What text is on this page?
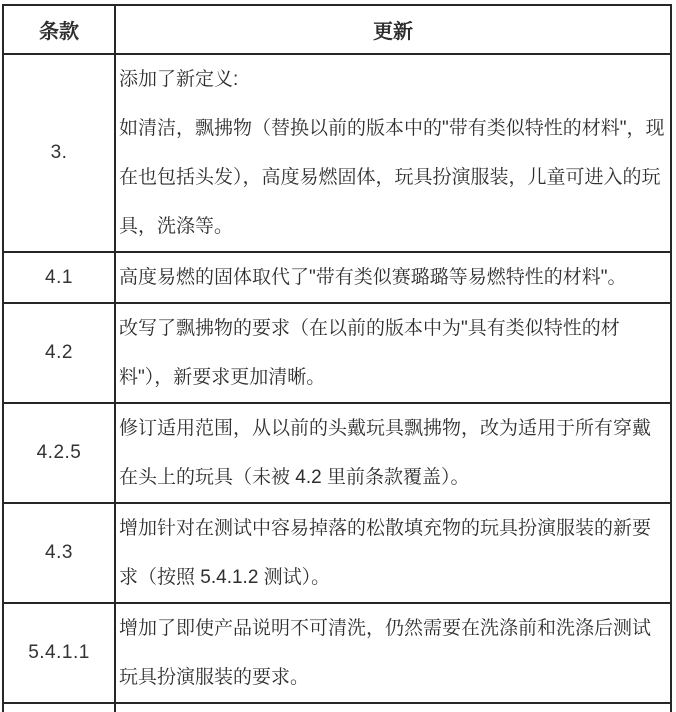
条款	更新
3.	添加了新定义:

如清洁，飘拂物（替换以前的版本中的"带有类似特性的材料"，现在也包括头发），高度易燃固体，玩具扮演服装，儿童可进入的玩具，洗涤等。

4.1	高度易燃的固体取代了"带有类似赛璐璐等易燃特性的材料"。

4.2	改写了飘拂物的要求（在以前的版本中为"具有类似特性的材料"），新要求更加清晰。

4.2.5	修订适用范围，从以前的头戴玩具飘拂物，改为适用于所有穿戴在头上的玩具（未被 4.2 里前条款覆盖）。

4.3	增加针对在测试中容易掉落的松散填充物的玩具扮演服装的新要求（按照 5.4.1.2 测试）。

5.4.1.1	增加了即使产品说明不可清洗，仍然需要在洗涤前和洗涤后测试玩具扮演服装的要求。
